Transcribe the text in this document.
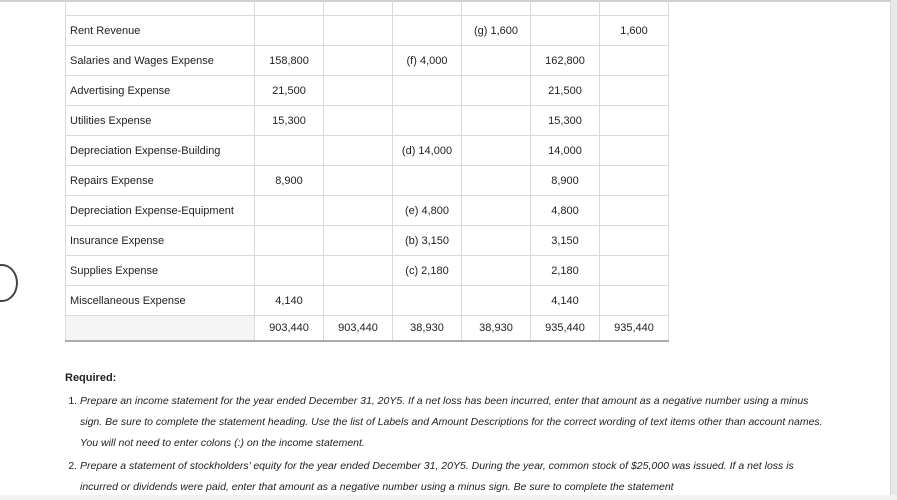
Rent Revenue				(g) 1,600		1,600
Salaries and Wages Expense	158,800		(f) 4,000		162,800	
Advertising Expense	21,500				21,500	
Utilities Expense	15,300				15,300	
Depreciation Expense-Building			(d) 14,000		14,000	
Repairs Expense	8,900				8,900	
Depreciation Expense-Equipment			(e) 4,800		4,800	
Insurance Expense			(b) 3,150		3,150	
Supplies Expense			(c) 2,180		2,180	
Miscellaneous Expense	4,140				4,140	
	903,440	903,440	38,930	38,930	935,440	935,440
Required:
1. Prepare an income statement for the year ended December 31, 20Y5. If a net loss has been incurred, enter that amount as a negative number using a minus sign. Be sure to complete the statement heading. Use the list of Labels and Amount Descriptions for the correct wording of text items other than account names. You will not need to enter colons (:) on the income statement.
2. Prepare a statement of stockholders’ equity for the year ended December 31, 20Y5. During the year, common stock of $25,000 was issued. If a net loss is incurred or dividends were paid, enter that amount as a negative number using a minus sign. Be sure to complete the statement
